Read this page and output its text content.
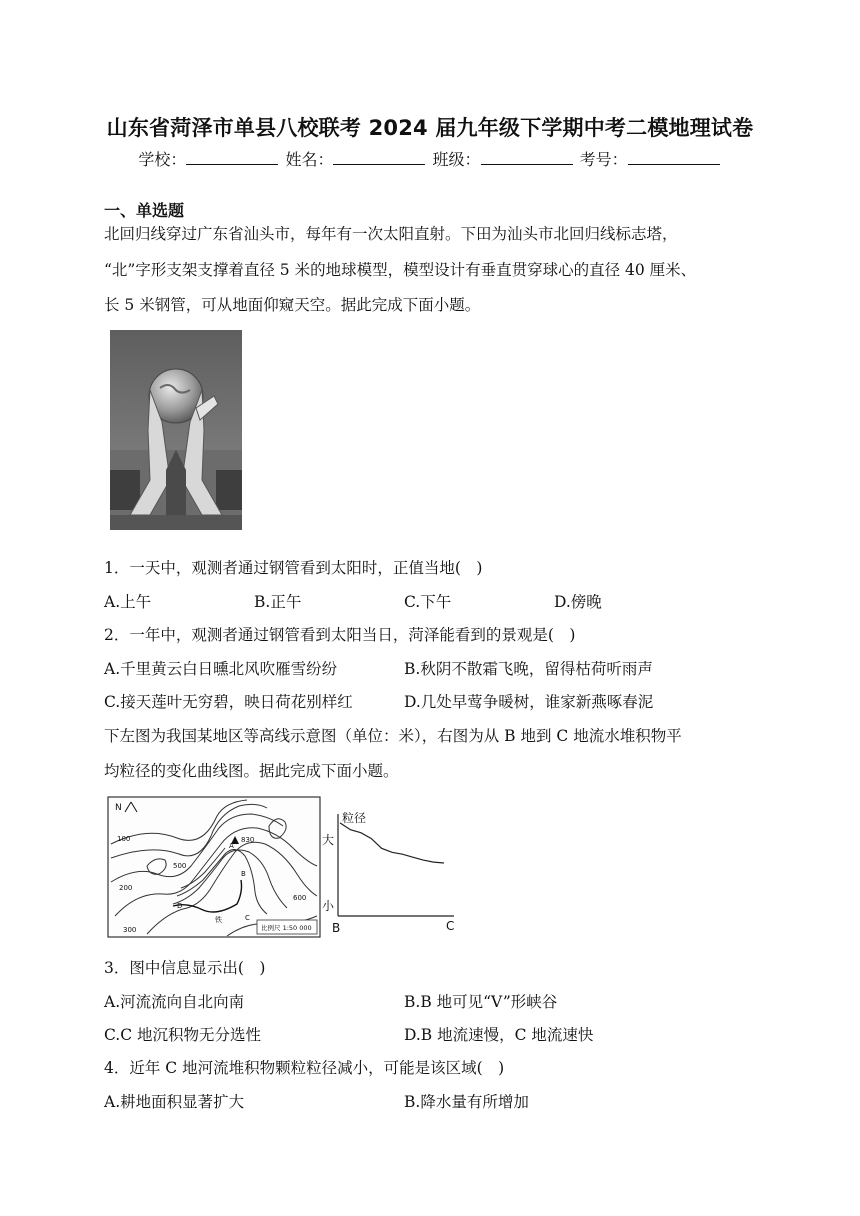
山东省菏泽市单县八校联考 2024 届九年级下学期中考二模地理试卷
学校：	姓名：	班级：	考号：
一、单选题
北回归线穿过广东省汕头市，每年有一次太阳直射。下田为汕头市北回归线标志塔，
“北”字形支架支撑着直径 5 米的地球模型，模型设计有垂直贯穿球心的直径 40 厘米、
长 5 米钢管，可从地面仰窥天空。据此完成下面小题。
1．一天中，观测者通过钢管看到太阳时，正值当地(　)
A.上午	B.正午	C.下午	D.傍晚
2．一年中，观测者通过钢管看到太阳当日，菏泽能看到的景观是(　)
A.千里黄云白日曛北风吹雁雪纷纷	B.秋阴不散霜飞晚，留得枯荷听雨声
C.接天莲叶无穷碧，映日荷花别样红	D.几处早莺争暖树，谁家新燕啄春泥
下左图为我国某地区等高线示意图（单位：米），右图为从 B 地到 C 地流水堆积物平
均粒径的变化曲线图。据此完成下面小题。
N
100
200
300
500
600
830
A
B
C
D
铁
比例尺 1:50 000
粒径
大
小
B	C
3．图中信息显示出(　)
A.河流流向自北向南	B.B 地可见“V”形峡谷
C.C 地沉积物无分选性	D.B 地流速慢，C 地流速快
4．近年 C 地河流堆积物颗粒粒径减小，可能是该区域(　)
A.耕地面积显著扩大	B.降水量有所增加
